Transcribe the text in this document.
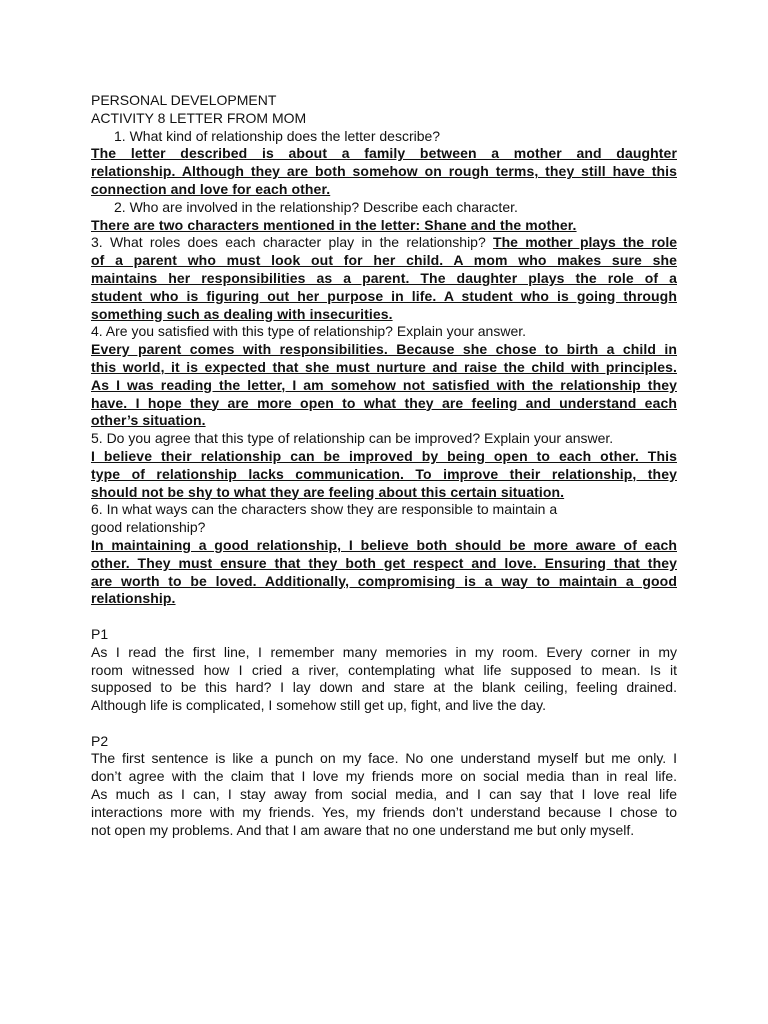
PERSONAL DEVELOPMENT
ACTIVITY 8 LETTER FROM MOM
1. What kind of relationship does the letter describe?
The letter described is about a family between a mother and daughter
relationship. Although they are both somehow on rough terms, they still have this
connection and love for each other.
2. Who are involved in the relationship? Describe each character.
There are two characters mentioned in the letter: Shane and the mother.
3. What roles does each character play in the relationship? The mother plays the role
of a parent who must look out for her child. A mom who makes sure she
maintains her responsibilities as a parent. The daughter plays the role of a
student who is figuring out her purpose in life. A student who is going through
something such as dealing with insecurities.
4. Are you satisfied with this type of relationship? Explain your answer.
Every parent comes with responsibilities. Because she chose to birth a child in
this world, it is expected that she must nurture and raise the child with principles.
As I was reading the letter, I am somehow not satisfied with the relationship they
have. I hope they are more open to what they are feeling and understand each
other’s situation.
5. Do you agree that this type of relationship can be improved? Explain your answer.
I believe their relationship can be improved by being open to each other. This
type of relationship lacks communication. To improve their relationship, they
should not be shy to what they are feeling about this certain situation.
6. In what ways can the characters show they are responsible to maintain a
good relationship?
In maintaining a good relationship, I believe both should be more aware of each
other. They must ensure that they both get respect and love. Ensuring that they
are worth to be loved. Additionally, compromising is a way to maintain a good
relationship.
P1
As I read the first line, I remember many memories in my room. Every corner in my
room witnessed how I cried a river, contemplating what life supposed to mean. Is it
supposed to be this hard? I lay down and stare at the blank ceiling, feeling drained.
Although life is complicated, I somehow still get up, fight, and live the day.
P2
The first sentence is like a punch on my face. No one understand myself but me only. I
don’t agree with the claim that I love my friends more on social media than in real life.
As much as I can, I stay away from social media, and I can say that I love real life
interactions more with my friends. Yes, my friends don’t understand because I chose to
not open my problems. And that I am aware that no one understand me but only myself.
